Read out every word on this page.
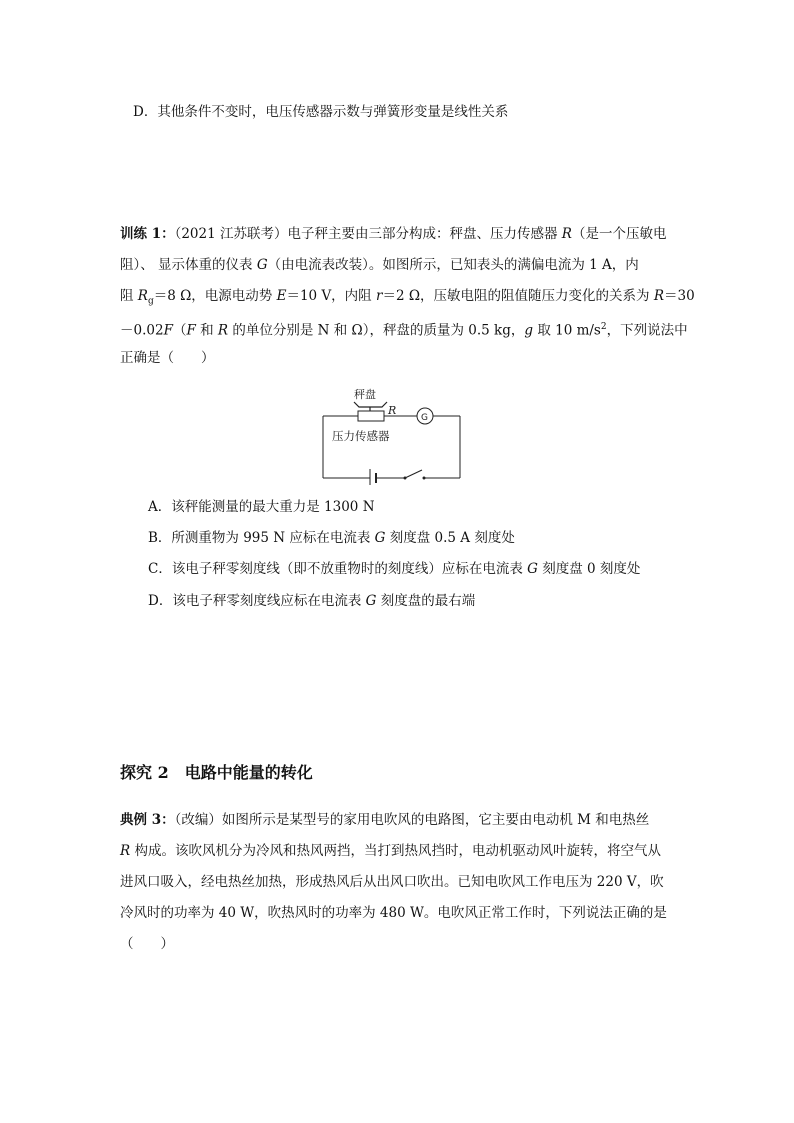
D．其他条件不变时，电压传感器示数与弹簧形变量是线性关系
训练 1：（2021 江苏联考）电子秤主要由三部分构成：秤盘、压力传感器 R（是一个压敏电
阻）、 显示体重的仪表 G（由电流表改装）。如图所示，已知表头的满偏电流为 1 A，内
阻 $R_g=8$ Ω，电源电动势 E＝10 V，内阻 r＝2 Ω，压敏电阻的阻值随压力变化的关系为 R＝30
－0.02F（F 和 R 的单位分别是 N 和 Ω），秤盘的质量为 0.5 kg，g 取 10 $m/s^2$，下列说法中
正确是（　　）
秤盘
R
G
压力传感器
A．该秤能测量的最大重力是 1300 N
B．所测重物为 995 N 应标在电流表 G 刻度盘 0.5 A 刻度处
C．该电子秤零刻度线（即不放重物时的刻度线）应标在电流表 G 刻度盘 0 刻度处
D．该电子秤零刻度线应标在电流表 G 刻度盘的最右端
探究 2　电路中能量的转化
典例 3：（改编）如图所示是某型号的家用电吹风的电路图，它主要由电动机 M 和电热丝
R 构成。该吹风机分为冷风和热风两挡，当打到热风挡时，电动机驱动风叶旋转，将空气从
进风口吸入，经电热丝加热，形成热风后从出风口吹出。已知电吹风工作电压为 220 V，吹
冷风时的功率为 40 W，吹热风时的功率为 480 W。电吹风正常工作时，下列说法正确的是
（　　）
